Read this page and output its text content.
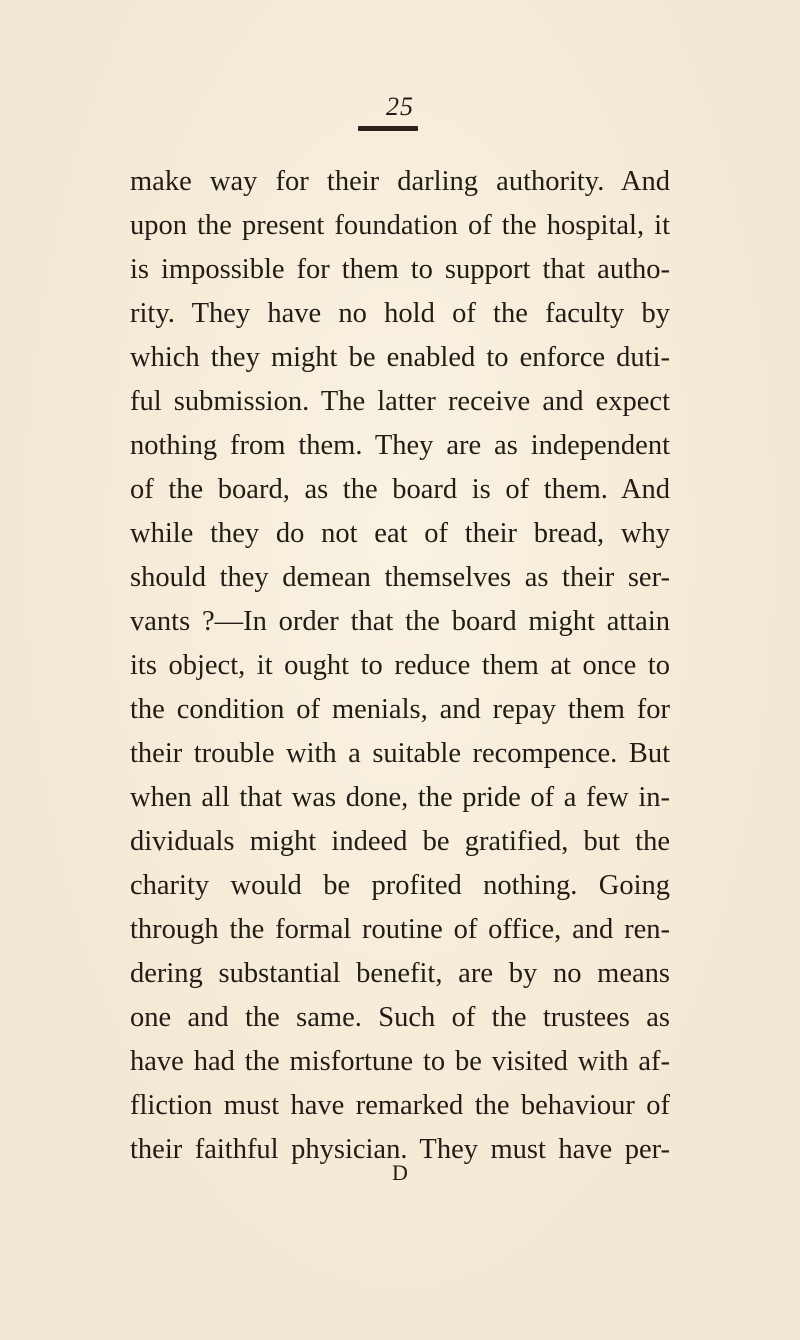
25
make way for their darling authority. And
upon the present foundation of the hospital, it
is impossible for them to support that autho-
rity. They have no hold of the faculty by
which they might be enabled to enforce duti-
ful submission. The latter receive and expect
nothing from them. They are as independent
of the board, as the board is of them. And
while they do not eat of their bread, why
should they demean themselves as their ser-
vants ?—In order that the board might attain
its object, it ought to reduce them at once to
the condition of menials, and repay them for
their trouble with a suitable recompence. But
when all that was done, the pride of a few in-
dividuals might indeed be gratified, but the
charity would be profited nothing. Going
through the formal routine of office, and ren-
dering substantial benefit, are by no means
one and the same. Such of the trustees as
have had the misfortune to be visited with af-
fliction must have remarked the behaviour of
their faithful physician. They must have per-
D
